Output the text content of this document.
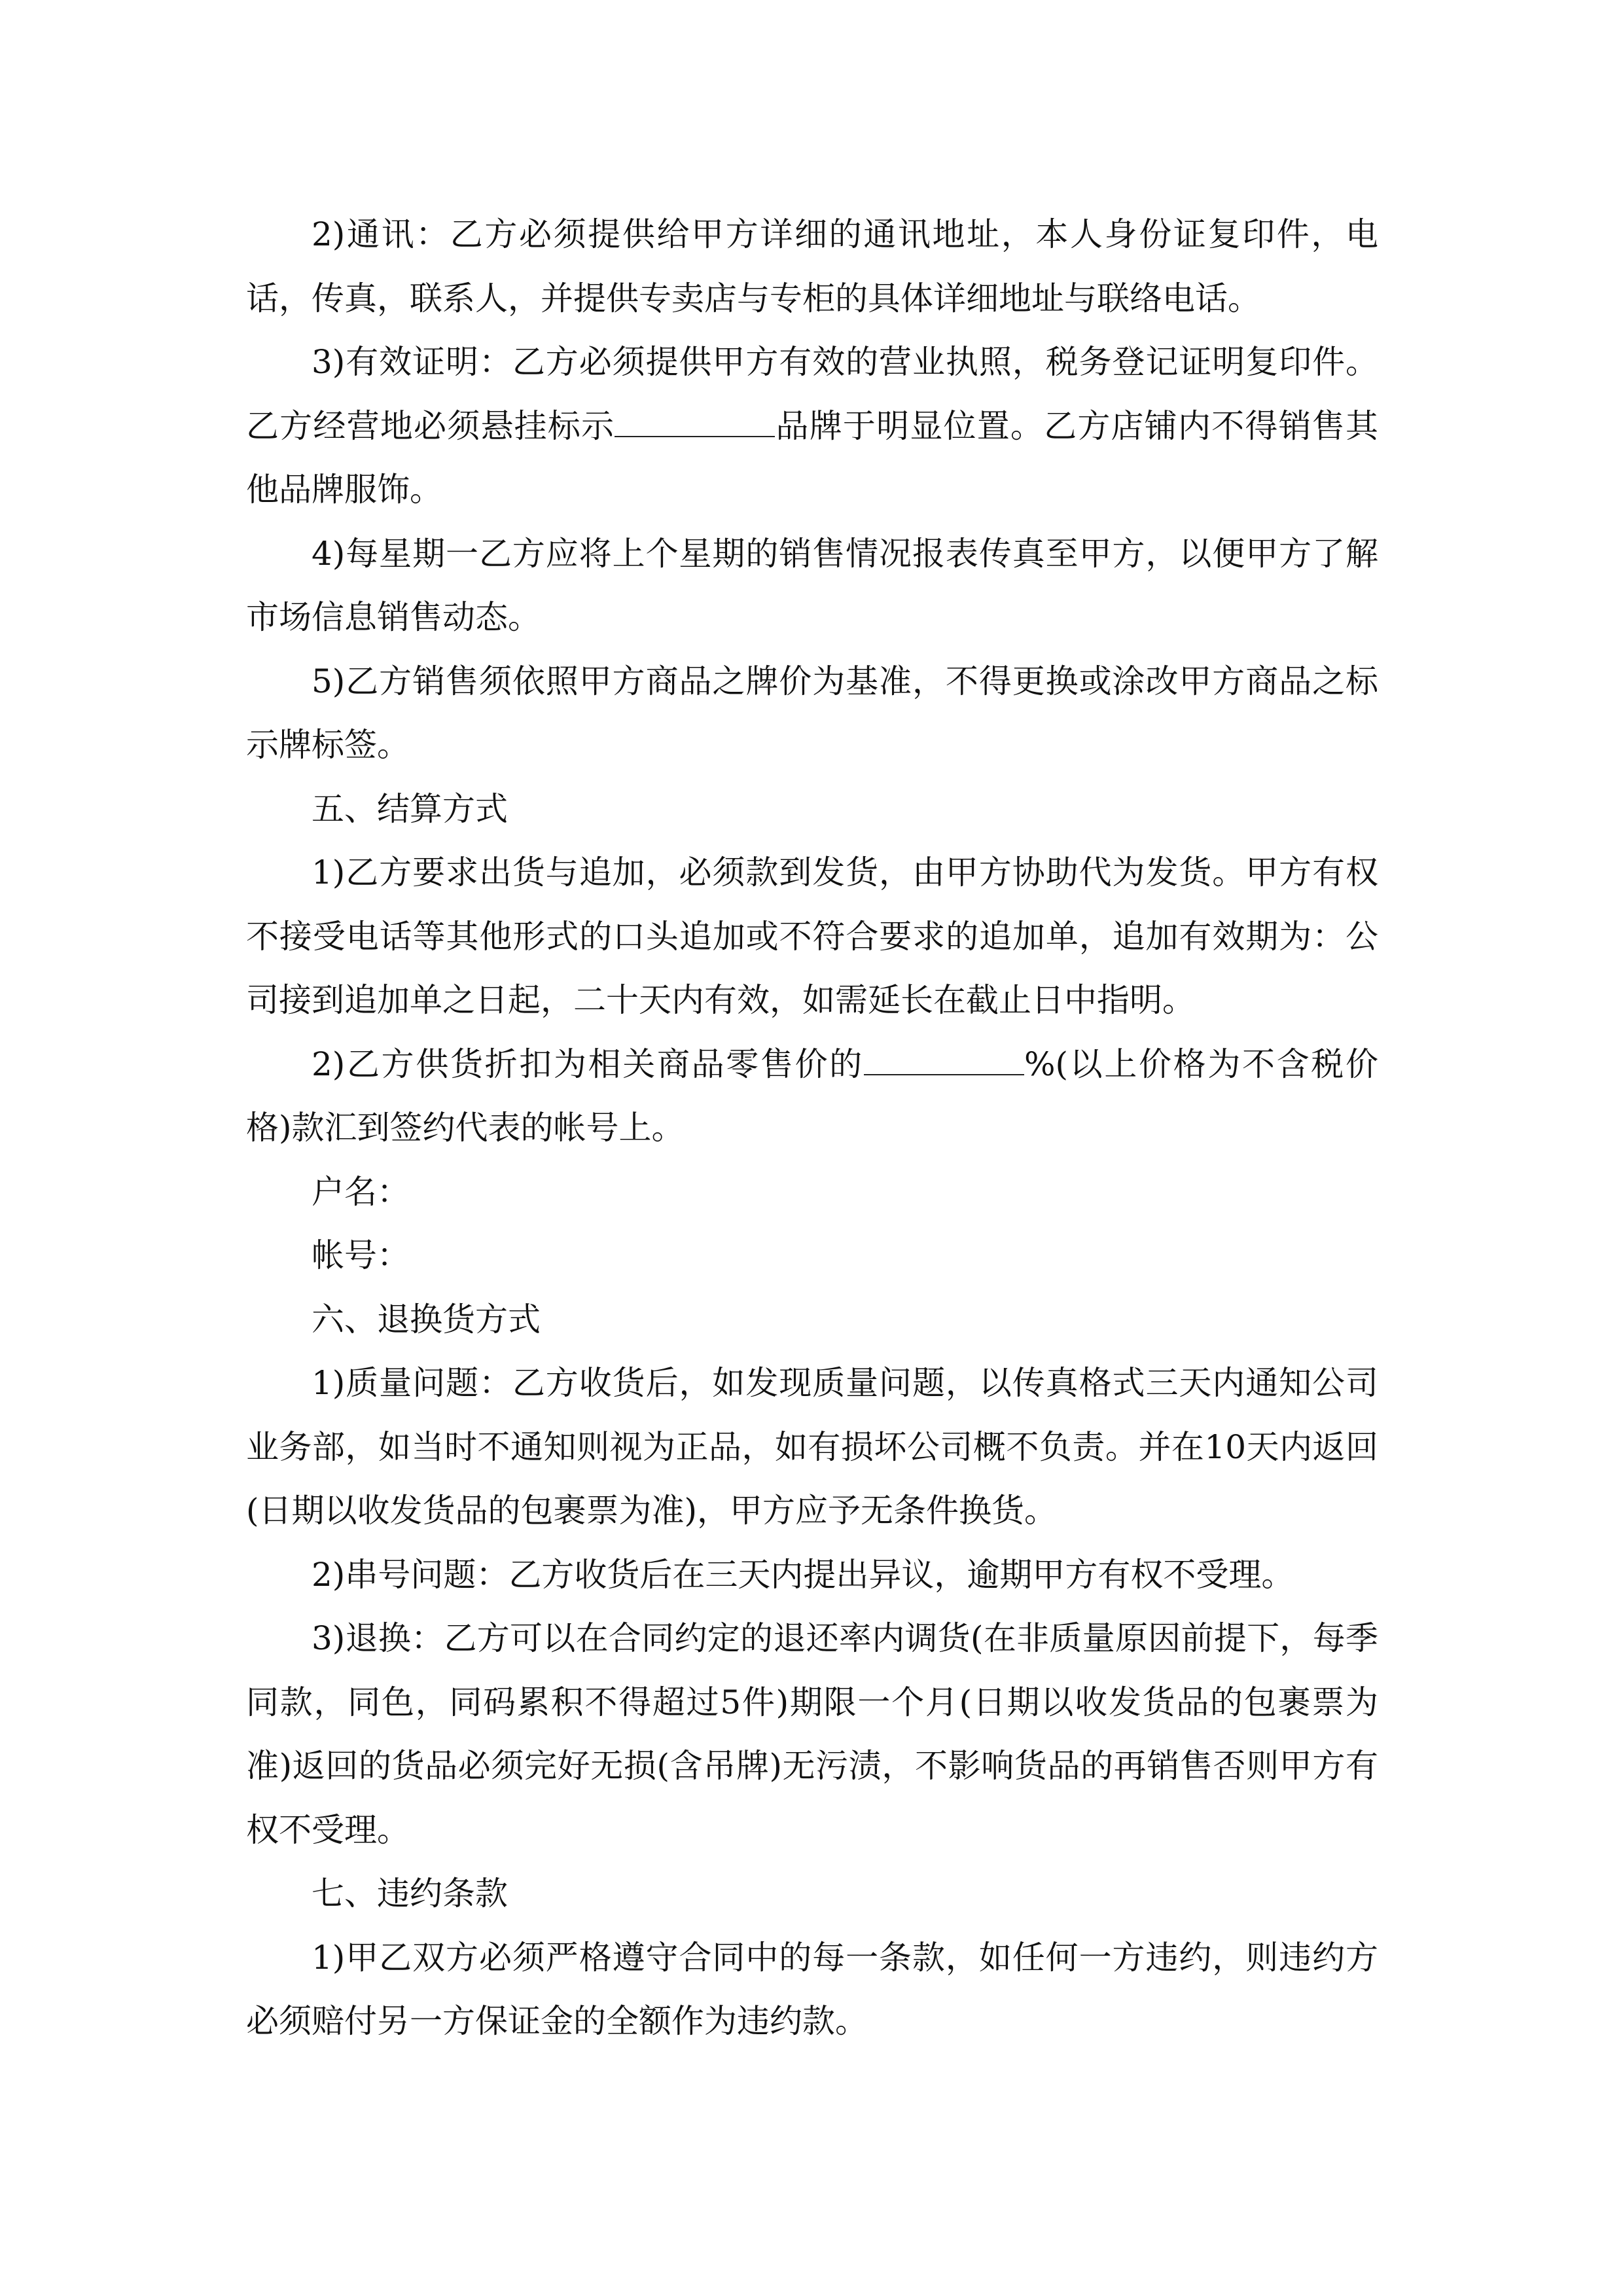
2)通讯：乙方必须提供给甲方详细的通讯地址，本人身份证复印件，电话，传真，联系人，并提供专卖店与专柜的具体详细地址与联络电话。

3)有效证明：乙方必须提供甲方有效的营业执照，税务登记证明复印件。乙方经营地必须悬挂标示	品牌于明显位置。乙方店铺内不得销售其他品牌服饰。

4)每星期一乙方应将上个星期的销售情况报表传真至甲方，以便甲方了解市场信息销售动态。

5)乙方销售须依照甲方商品之牌价为基准，不得更换或涂改甲方商品之标示牌标签。

五、结算方式

1)乙方要求出货与追加，必须款到发货，由甲方协助代为发货。甲方有权不接受电话等其他形式的口头追加或不符合要求的追加单，追加有效期为：公司接到追加单之日起，二十天内有效，如需延长在截止日中指明。

2)乙方供货折扣为相关商品零售价的	%(以上价格为不含税价格)款汇到签约代表的帐号上。

户名：

帐号：

六、退换货方式

1)质量问题：乙方收货后，如发现质量问题，以传真格式三天内通知公司业务部，如当时不通知则视为正品，如有损坏公司概不负责。并在10天内返回(日期以收发货品的包裹票为准)，甲方应予无条件换货。

2)串号问题：乙方收货后在三天内提出异议，逾期甲方有权不受理。

3)退换：乙方可以在合同约定的退还率内调货(在非质量原因前提下，每季同款，同色，同码累积不得超过5件)期限一个月(日期以收发货品的包裹票为准)返回的货品必须完好无损(含吊牌)无污渍，不影响货品的再销售否则甲方有权不受理。

七、违约条款

1)甲乙双方必须严格遵守合同中的每一条款，如任何一方违约，则违约方必须赔付另一方保证金的全额作为违约款。
